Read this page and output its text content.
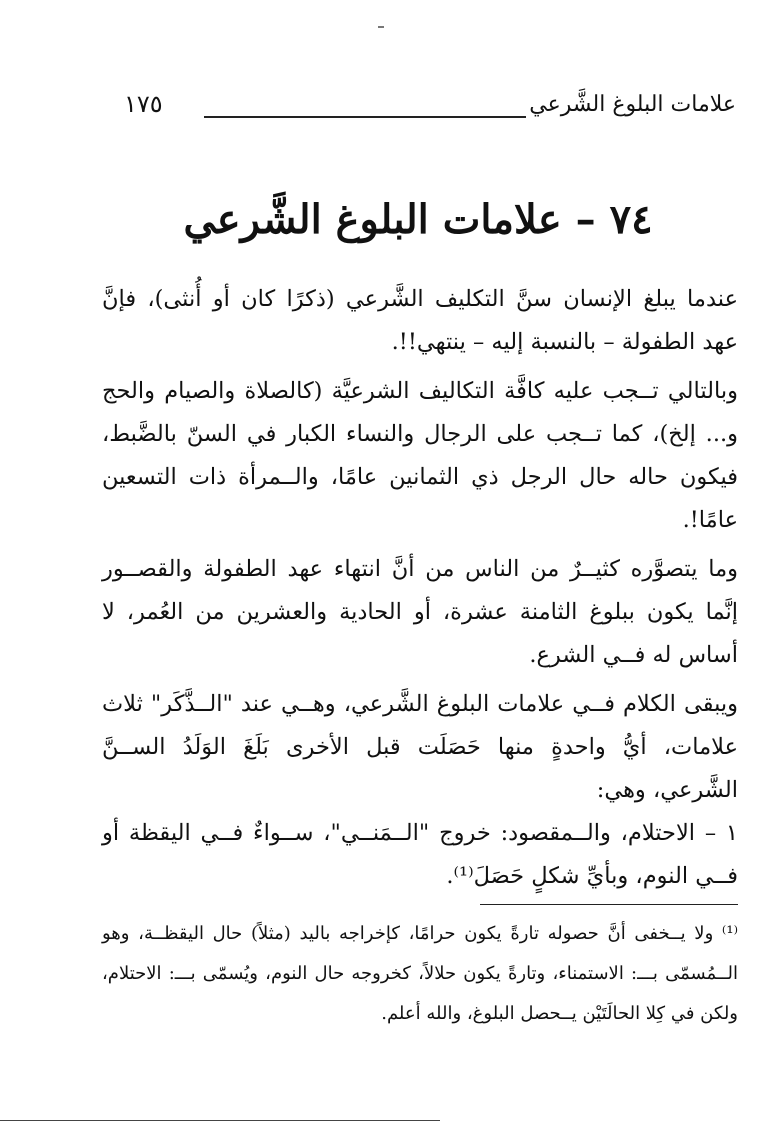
علامات البلوغ الشَّرعي
١٧٥
٧٤ – علامات البلوغ الشَّرعي

عندما يبلغ الإنسان سنَّ التكليف الشَّرعي (ذكرًا كان أو أُنثى)، فإنَّ عهد الطفولة – بالنسبة إليه – ينتهي!!.

وبالتالي تــجب عليه كافَّة التكاليف الشرعيَّة (كالصلاة والصيام والحج و... إلخ)، كما تــجب على الرجال والنساء الكبار في السنّ بالضَّبط، فيكون حاله حال الرجل ذي الثمانين عامًا، والــمرأة ذات التسعين عامًا!.

وما يتصوَّره كثيــرٌ من الناس من أنَّ انتهاء عهد الطفولة والقصــور إنَّما يكون ببلوغ الثامنة عشرة، أو الحادية والعشرين من العُمر، لا أساس له فــي الشرع.

ويبقى الكلام فــي علامات البلوغ الشَّرعي، وهــي عند "الــذَّكَر" ثلاث علامات، أيُّ واحدةٍ منها حَصَلَت قبل الأخرى بَلَغَ الوَلَدُ الســنَّ الشَّرعي، وهي:

١ – الاحتلام، والــمقصود: خروج "الــمَنــي"، ســواءٌ فــي اليقظة أو فــي النوم، وبأيِّ شكلٍ حَصَلَ⁽¹⁾.

⁽¹⁾ ولا يــخفى أنَّ حصوله تارةً يكون حرامًا، كإخراجه باليد (مثلاً) حال اليقظــة، وهو الــمُسمّى بـــ: الاستمناء، وتارةً يكون حلالاً، كخروجه حال النوم، ويُسمّى بـــ: الاحتلام، ولكن في كِلا الحالَتَيْن يــحصل البلوغ، والله أعلم.
